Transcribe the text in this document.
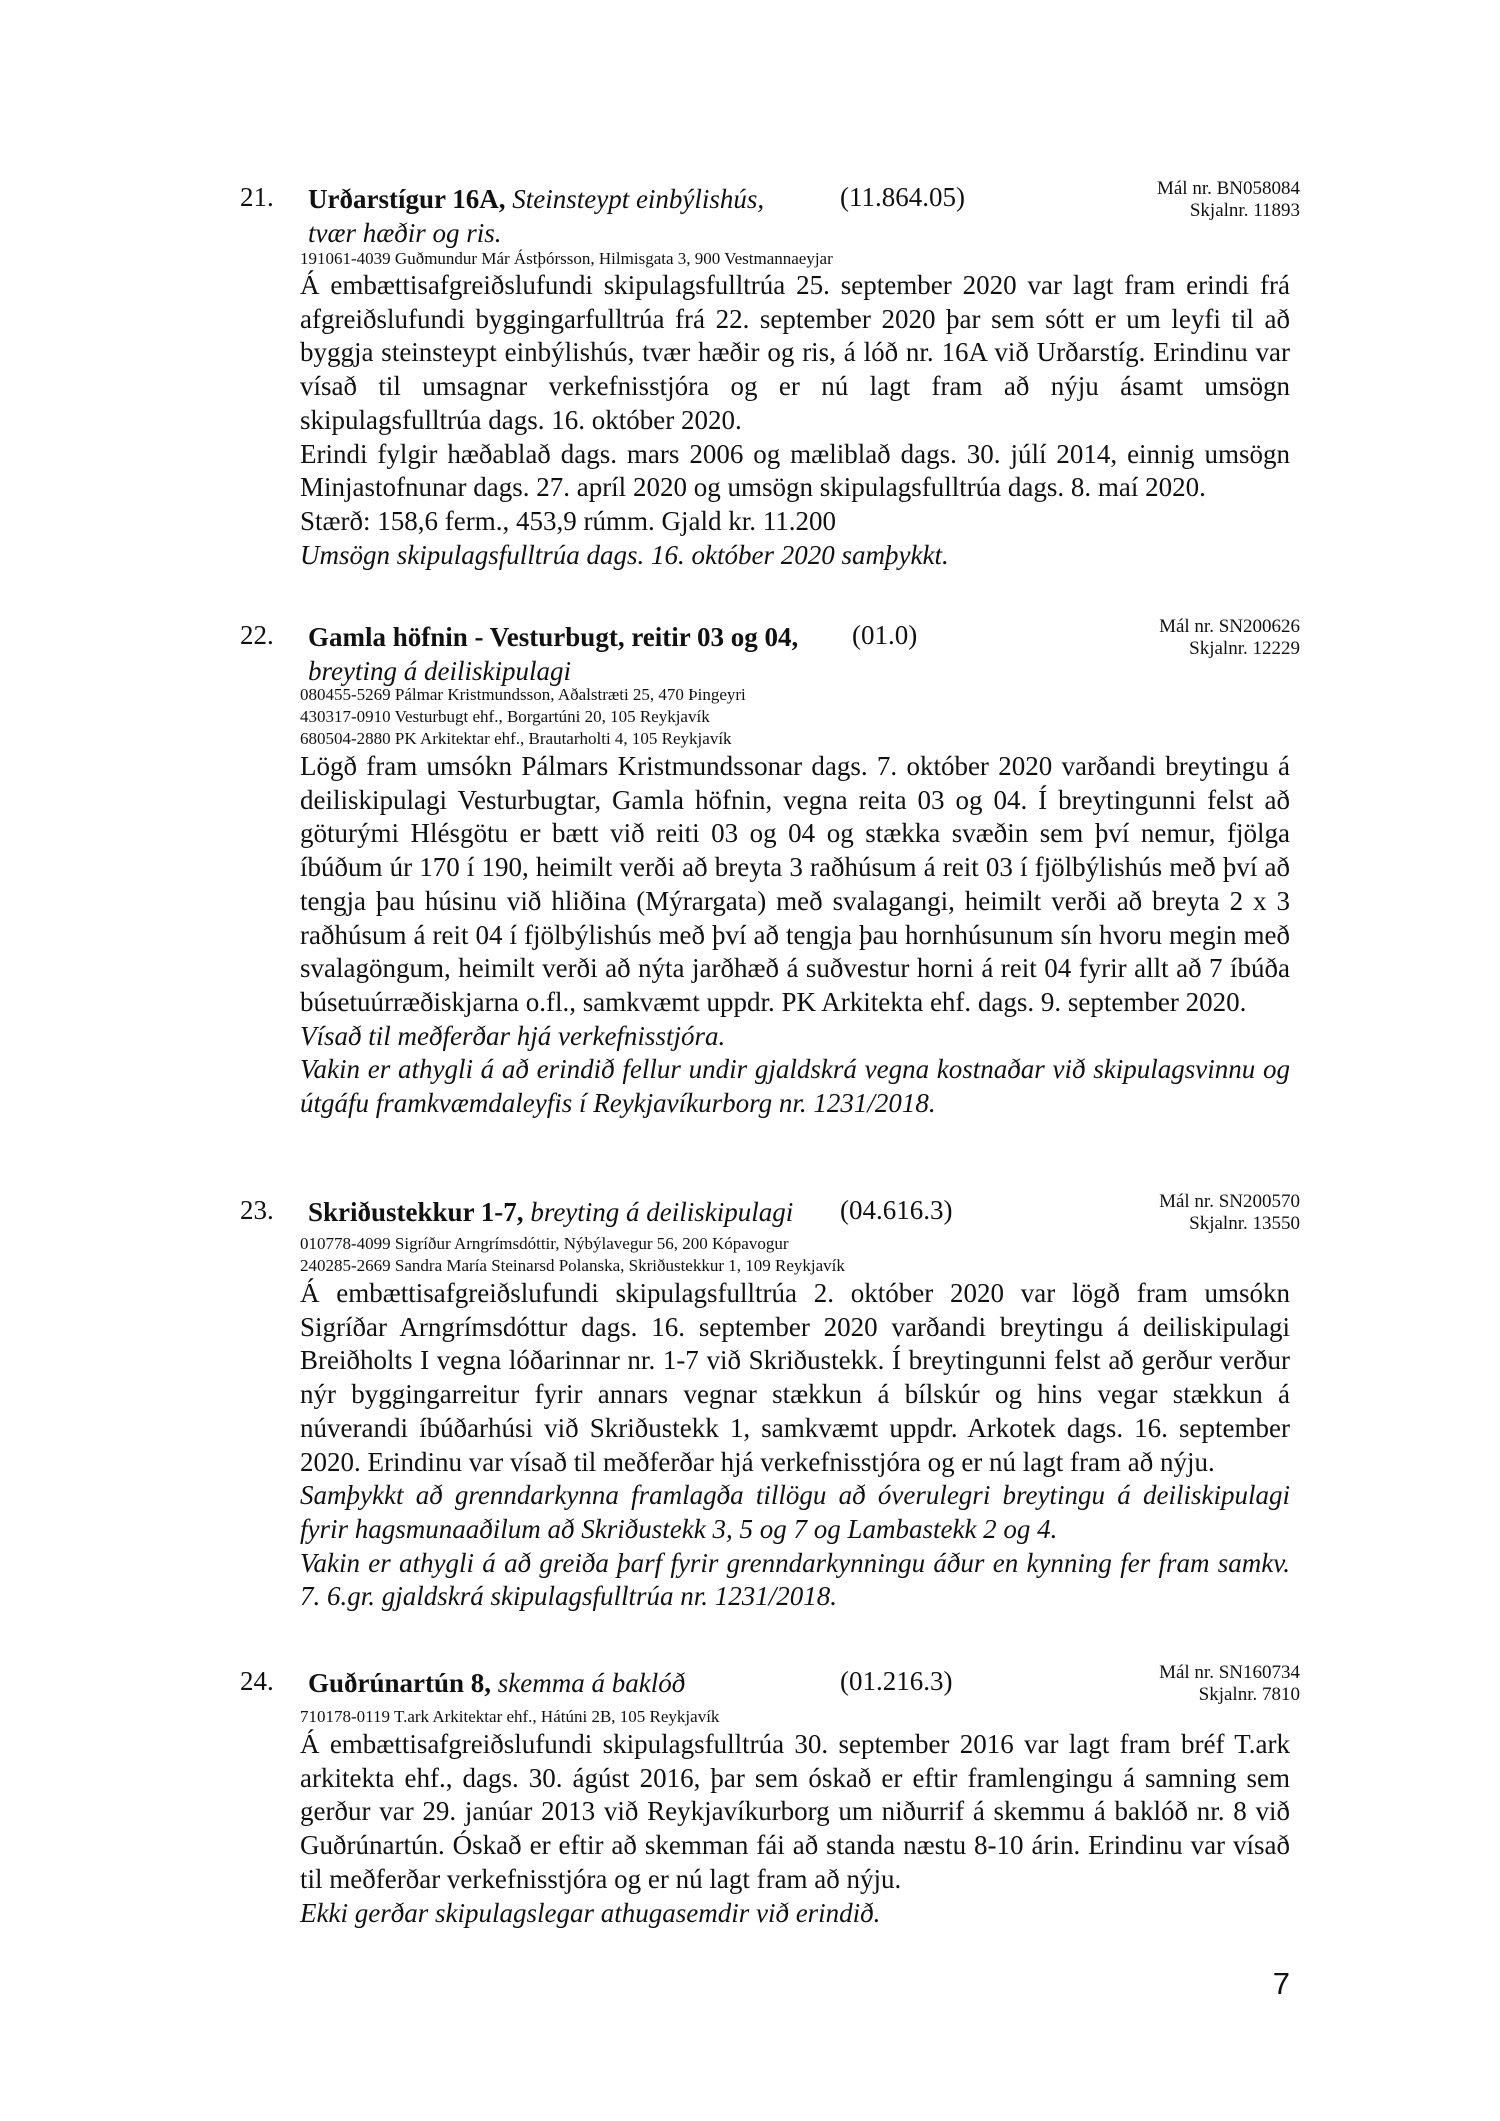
21. Urðarstígur 16A, Steinsteypt einbýlishús,
tvær hæðir og ris.
(11.864.05)	Mál nr. BN058084
Skjalnr. 11893
191061-4039 Guðmundur Már Ástþórsson, Hilmisgata 3, 900 Vestmannaeyjar

Á embættisafgreiðslufundi skipulagsfulltrúa 25. september 2020 var lagt fram erindi frá afgreiðslufundi byggingarfulltrúa frá 22. september 2020 þar sem sótt er um leyfi til að byggja steinsteypt einbýlishús, tvær hæðir og ris, á lóð nr. 16A við Urðarstíg. Erindinu var vísað til umsagnar verkefnisstjóra og er nú lagt fram að nýju ásamt umsögn skipulagsfulltrúa dags. 16. október 2020.

Erindi fylgir hæðablað dags. mars 2006 og mæliblað dags. 30. júlí 2014, einnig umsögn Minjastofnunar dags. 27. apríl 2020 og umsögn skipulagsfulltrúa dags. 8. maí 2020.

Stærð: 158,6 ferm., 453,9 rúmm. Gjald kr. 11.200

Umsögn skipulagsfulltrúa dags. 16. október 2020 samþykkt.

22. Gamla höfnin - Vesturbugt, reitir 03 og 04,
breyting á deiliskipulagi
(01.0)	Mál nr. SN200626
Skjalnr. 12229
080455-5269 Pálmar Kristmundsson, Aðalstræti 25, 470 Þingeyri
430317-0910 Vesturbugt ehf., Borgartúni 20, 105 Reykjavík
680504-2880 PK Arkitektar ehf., Brautarholti 4, 105 Reykjavík

Lögð fram umsókn Pálmars Kristmundssonar dags. 7. október 2020 varðandi breytingu á deiliskipulagi Vesturbugtar, Gamla höfnin, vegna reita 03 og 04. Í breytingunni felst að göturými Hlésgötu er bætt við reiti 03 og 04 og stækka svæðin sem því nemur, fjölga íbúðum úr 170 í 190, heimilt verði að breyta 3 raðhúsum á reit 03 í fjölbýlishús með því að tengja þau húsinu við hliðina (Mýrargata) með svalagangi, heimilt verði að breyta 2 x 3 raðhúsum á reit 04 í fjölbýlishús með því að tengja þau hornhúsunum sín hvoru megin með svalagöngum, heimilt verði að nýta jarðhæð á suðvestur horni á reit 04 fyrir allt að 7 íbúða búsetuúrræðiskjarna o.fl., samkvæmt uppdr. PK Arkitekta ehf. dags. 9. september 2020.

Vísað til meðferðar hjá verkefnisstjóra.

Vakin er athygli á að erindið fellur undir gjaldskrá vegna kostnaðar við skipulagsvinnu og útgáfu framkvæmdaleyfis í Reykjavíkurborg nr. 1231/2018.

23. Skriðustekkur 1-7, breyting á deiliskipulagi	(04.616.3)	Mál nr. SN200570
Skjalnr. 13550
010778-4099 Sigríður Arngrímsdóttir, Nýbýlavegur 56, 200 Kópavogur
240285-2669 Sandra María Steinarsd Polanska, Skriðustekkur 1, 109 Reykjavík

Á embættisafgreiðslufundi skipulagsfulltrúa 2. október 2020 var lögð fram umsókn Sigríðar Arngrímsdóttur dags. 16. september 2020 varðandi breytingu á deiliskipulagi Breiðholts I vegna lóðarinnar nr. 1-7 við Skriðustekk. Í breytingunni felst að gerður verður nýr byggingarreitur fyrir annars vegnar stækkun á bílskúr og hins vegar stækkun á núverandi íbúðarhúsi við Skriðustekk 1, samkvæmt uppdr. Arkotek dags. 16. september 2020. Erindinu var vísað til meðferðar hjá verkefnisstjóra og er nú lagt fram að nýju.

Samþykkt að grenndarkynna framlagða tillögu að óverulegri breytingu á deiliskipulagi fyrir hagsmunaaðilum að Skriðustekk 3, 5 og 7 og Lambastekk 2 og 4.

Vakin er athygli á að greiða þarf fyrir grenndarkynningu áður en kynning fer fram samkv. 7. 6.gr. gjaldskrá skipulagsfulltrúa nr. 1231/2018.

24. Guðrúnartún 8, skemma á baklóð	(01.216.3)	Mál nr. SN160734
Skjalnr. 7810
710178-0119 T.ark Arkitektar ehf., Hátúni 2B, 105 Reykjavík

Á embættisafgreiðslufundi skipulagsfulltrúa 30. september 2016 var lagt fram bréf T.ark arkitekta ehf., dags. 30. ágúst 2016, þar sem óskað er eftir framlengingu á samning sem gerður var 29. janúar 2013 við Reykjavíkurborg um niðurrif á skemmu á baklóð nr. 8 við Guðrúnartún. Óskað er eftir að skemman fái að standa næstu 8-10 árin. Erindinu var vísað til meðferðar verkefnisstjóra og er nú lagt fram að nýju.

Ekki gerðar skipulagslegar athugasemdir við erindið.

7
